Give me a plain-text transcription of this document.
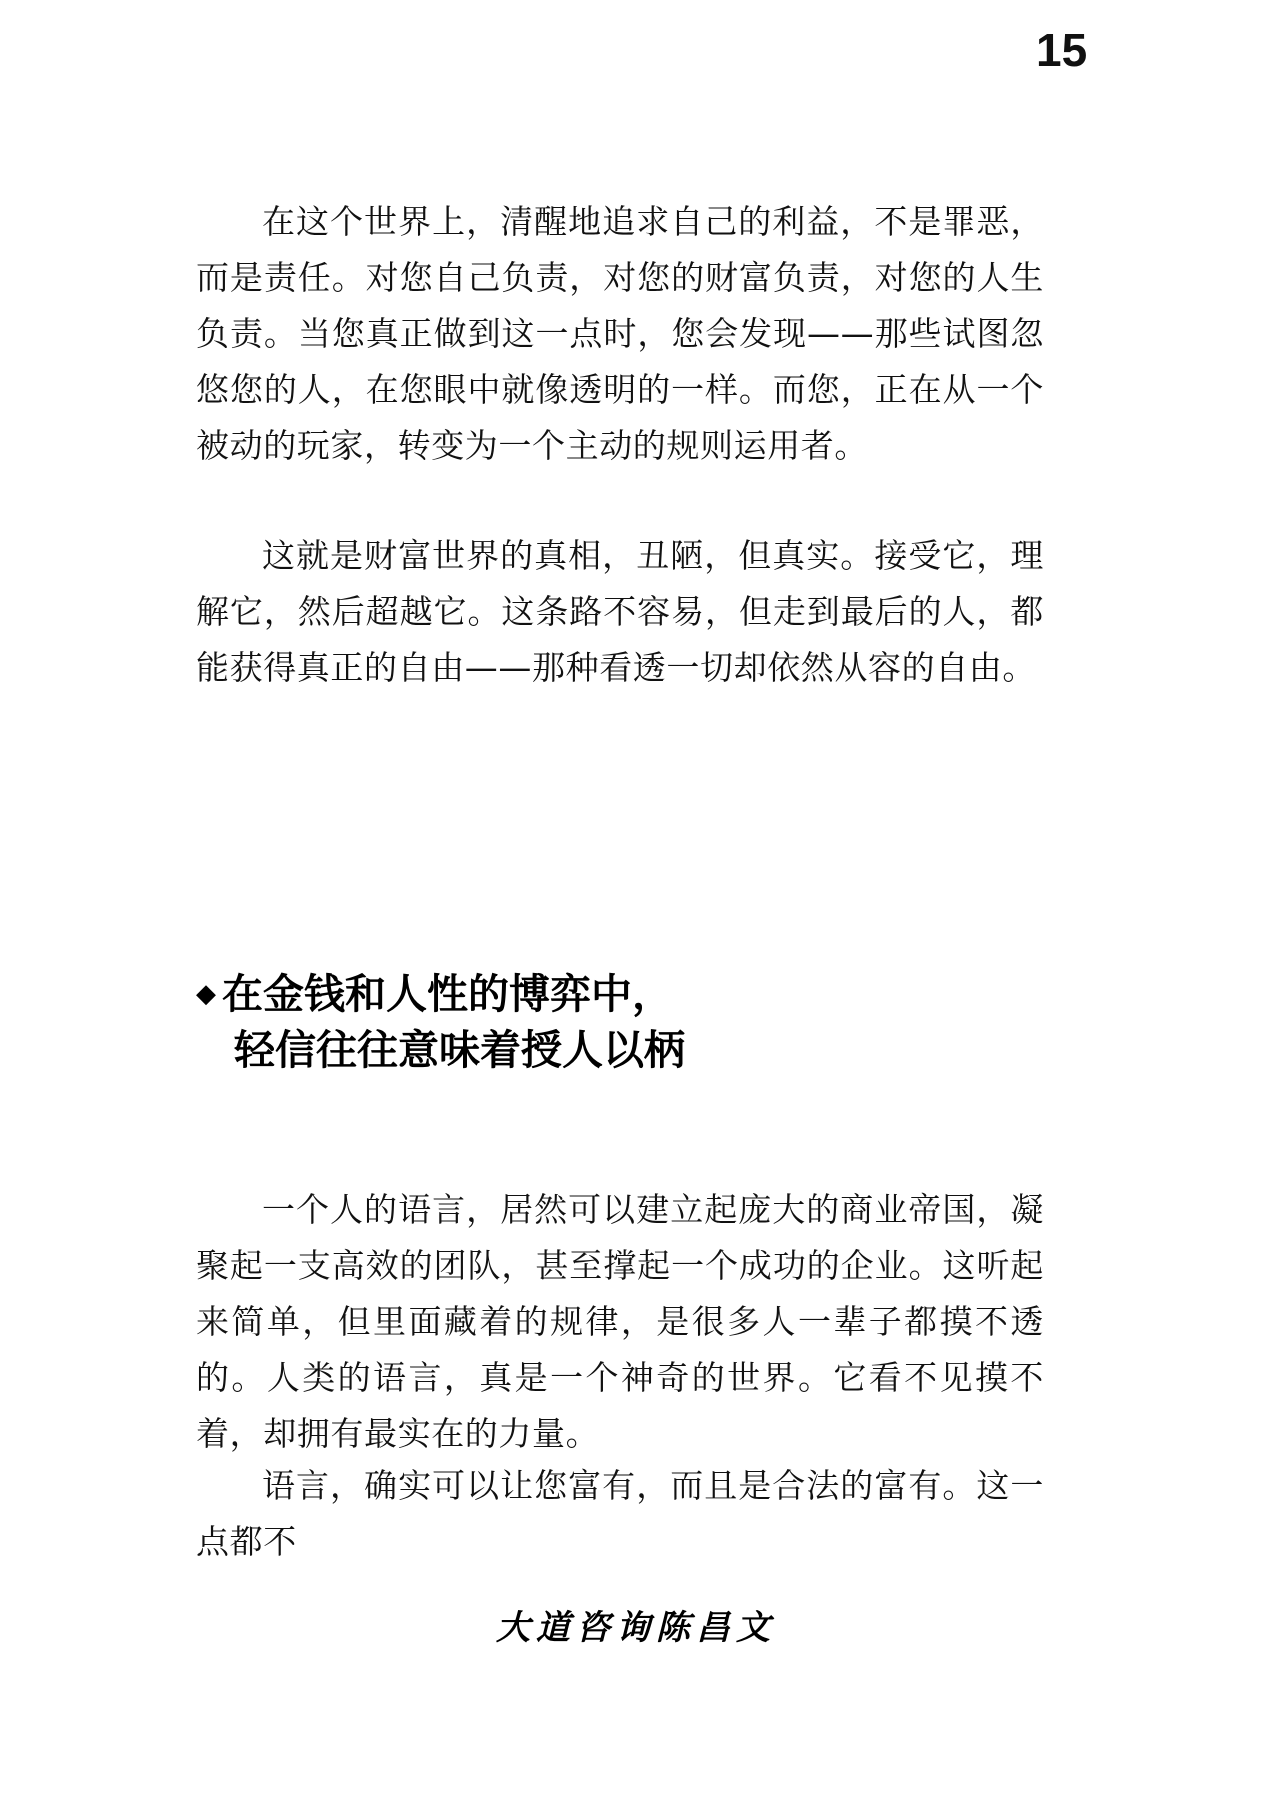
15

在这个世界上，清醒地追求自己的利益，不是罪恶，而是责任。对您自己负责，对您的财富负责，对您的人生负责。当您真正做到这一点时，您会发现——那些试图忽悠您的人，在您眼中就像透明的一样。而您，正在从一个被动的玩家，转变为一个主动的规则运用者。

这就是财富世界的真相，丑陋，但真实。接受它，理解它，然后超越它。这条路不容易，但走到最后的人，都能获得真正的自由——那种看透一切却依然从容的自由。

◆ 在金钱和人性的博弈中，
轻信往往意味着授人以柄

一个人的语言，居然可以建立起庞大的商业帝国，凝聚起一支高效的团队，甚至撑起一个成功的企业。这听起来简单，但里面藏着的规律，是很多人一辈子都摸不透的。人类的语言，真是一个神奇的世界。它看不见摸不着，却拥有最实在的力量。

语言，确实可以让您富有，而且是合法的富有。这一点都不

大道咨询陈昌文
